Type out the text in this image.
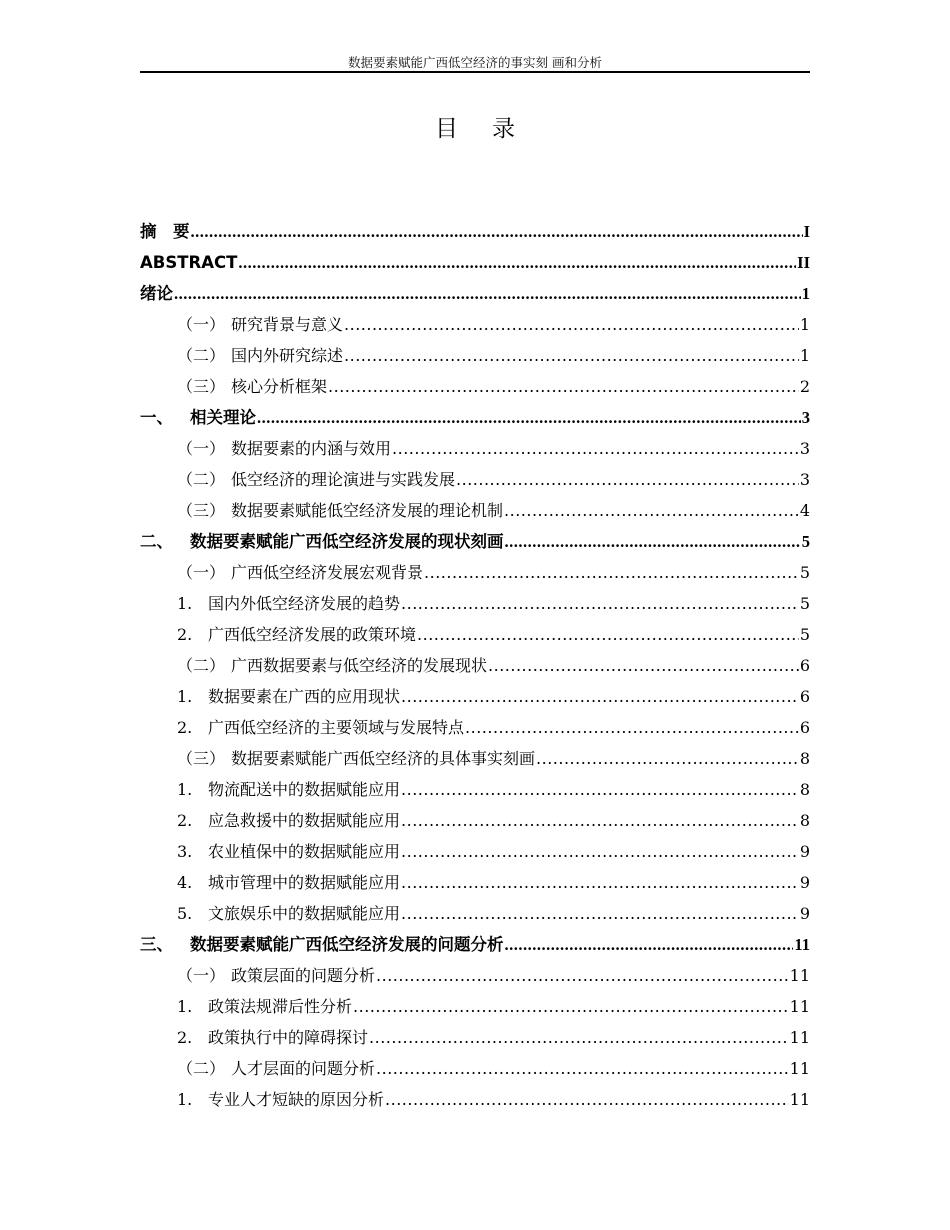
数据要素赋能广西低空经济的事实刻 画和分析
目录
摘　要 .....	I
ABSTRACT .....	II
绪论 .....	1
（一） 研究背景与意义 .....	1
（二） 国内外研究综述 .....	1
（三） 核心分析框架 .....	2
一、 相关理论 .....	3
（一） 数据要素的内涵与效用 .....	3
（二） 低空经济的理论演进与实践发展 .....	3
（三） 数据要素赋能低空经济发展的理论机制 .....	4
二、 数据要素赋能广西低空经济发展的现状刻画 .....	5
（一） 广西低空经济发展宏观背景 .....	5
1. 国内外低空经济发展的趋势 .....	5
2. 广西低空经济发展的政策环境 .....	5
（二） 广西数据要素与低空经济的发展现状 .....	6
1. 数据要素在广西的应用现状 .....	6
2. 广西低空经济的主要领域与发展特点 .....	6
（三） 数据要素赋能广西低空经济的具体事实刻画 .....	8
1. 物流配送中的数据赋能应用 .....	8
2. 应急救援中的数据赋能应用 .....	8
3. 农业植保中的数据赋能应用 .....	9
4. 城市管理中的数据赋能应用 .....	9
5. 文旅娱乐中的数据赋能应用 .....	9
三、 数据要素赋能广西低空经济发展的问题分析 .....	11
（一） 政策层面的问题分析 .....	11
1. 政策法规滞后性分析 .....	11
2. 政策执行中的障碍探讨 .....	11
（二） 人才层面的问题分析 .....	11
1. 专业人才短缺的原因分析 .....	11
